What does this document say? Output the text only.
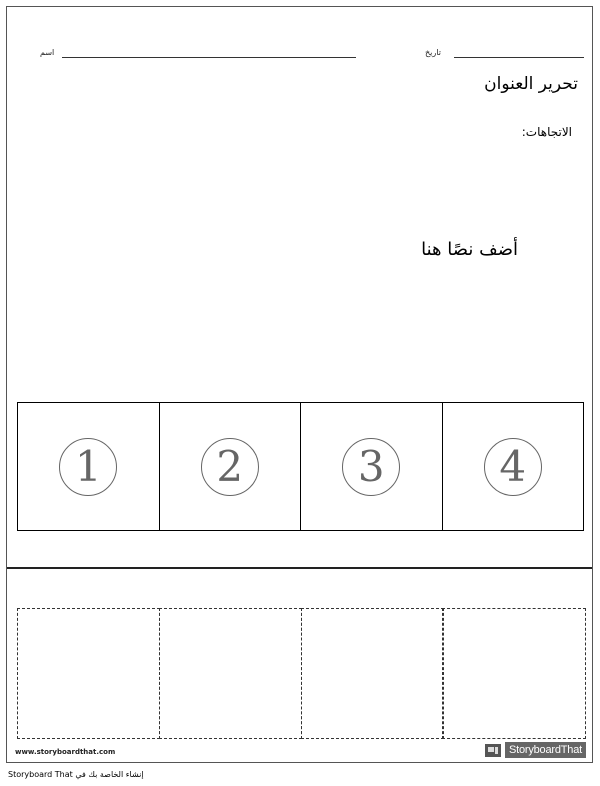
تاريخ
اسم
تحرير العنوان
الاتجاهات:
أضف نصًا هنا
1	2	3	4
www.storyboardthat.com	StoryboardThat
إنشاء الخاصة بك في Storyboard That
